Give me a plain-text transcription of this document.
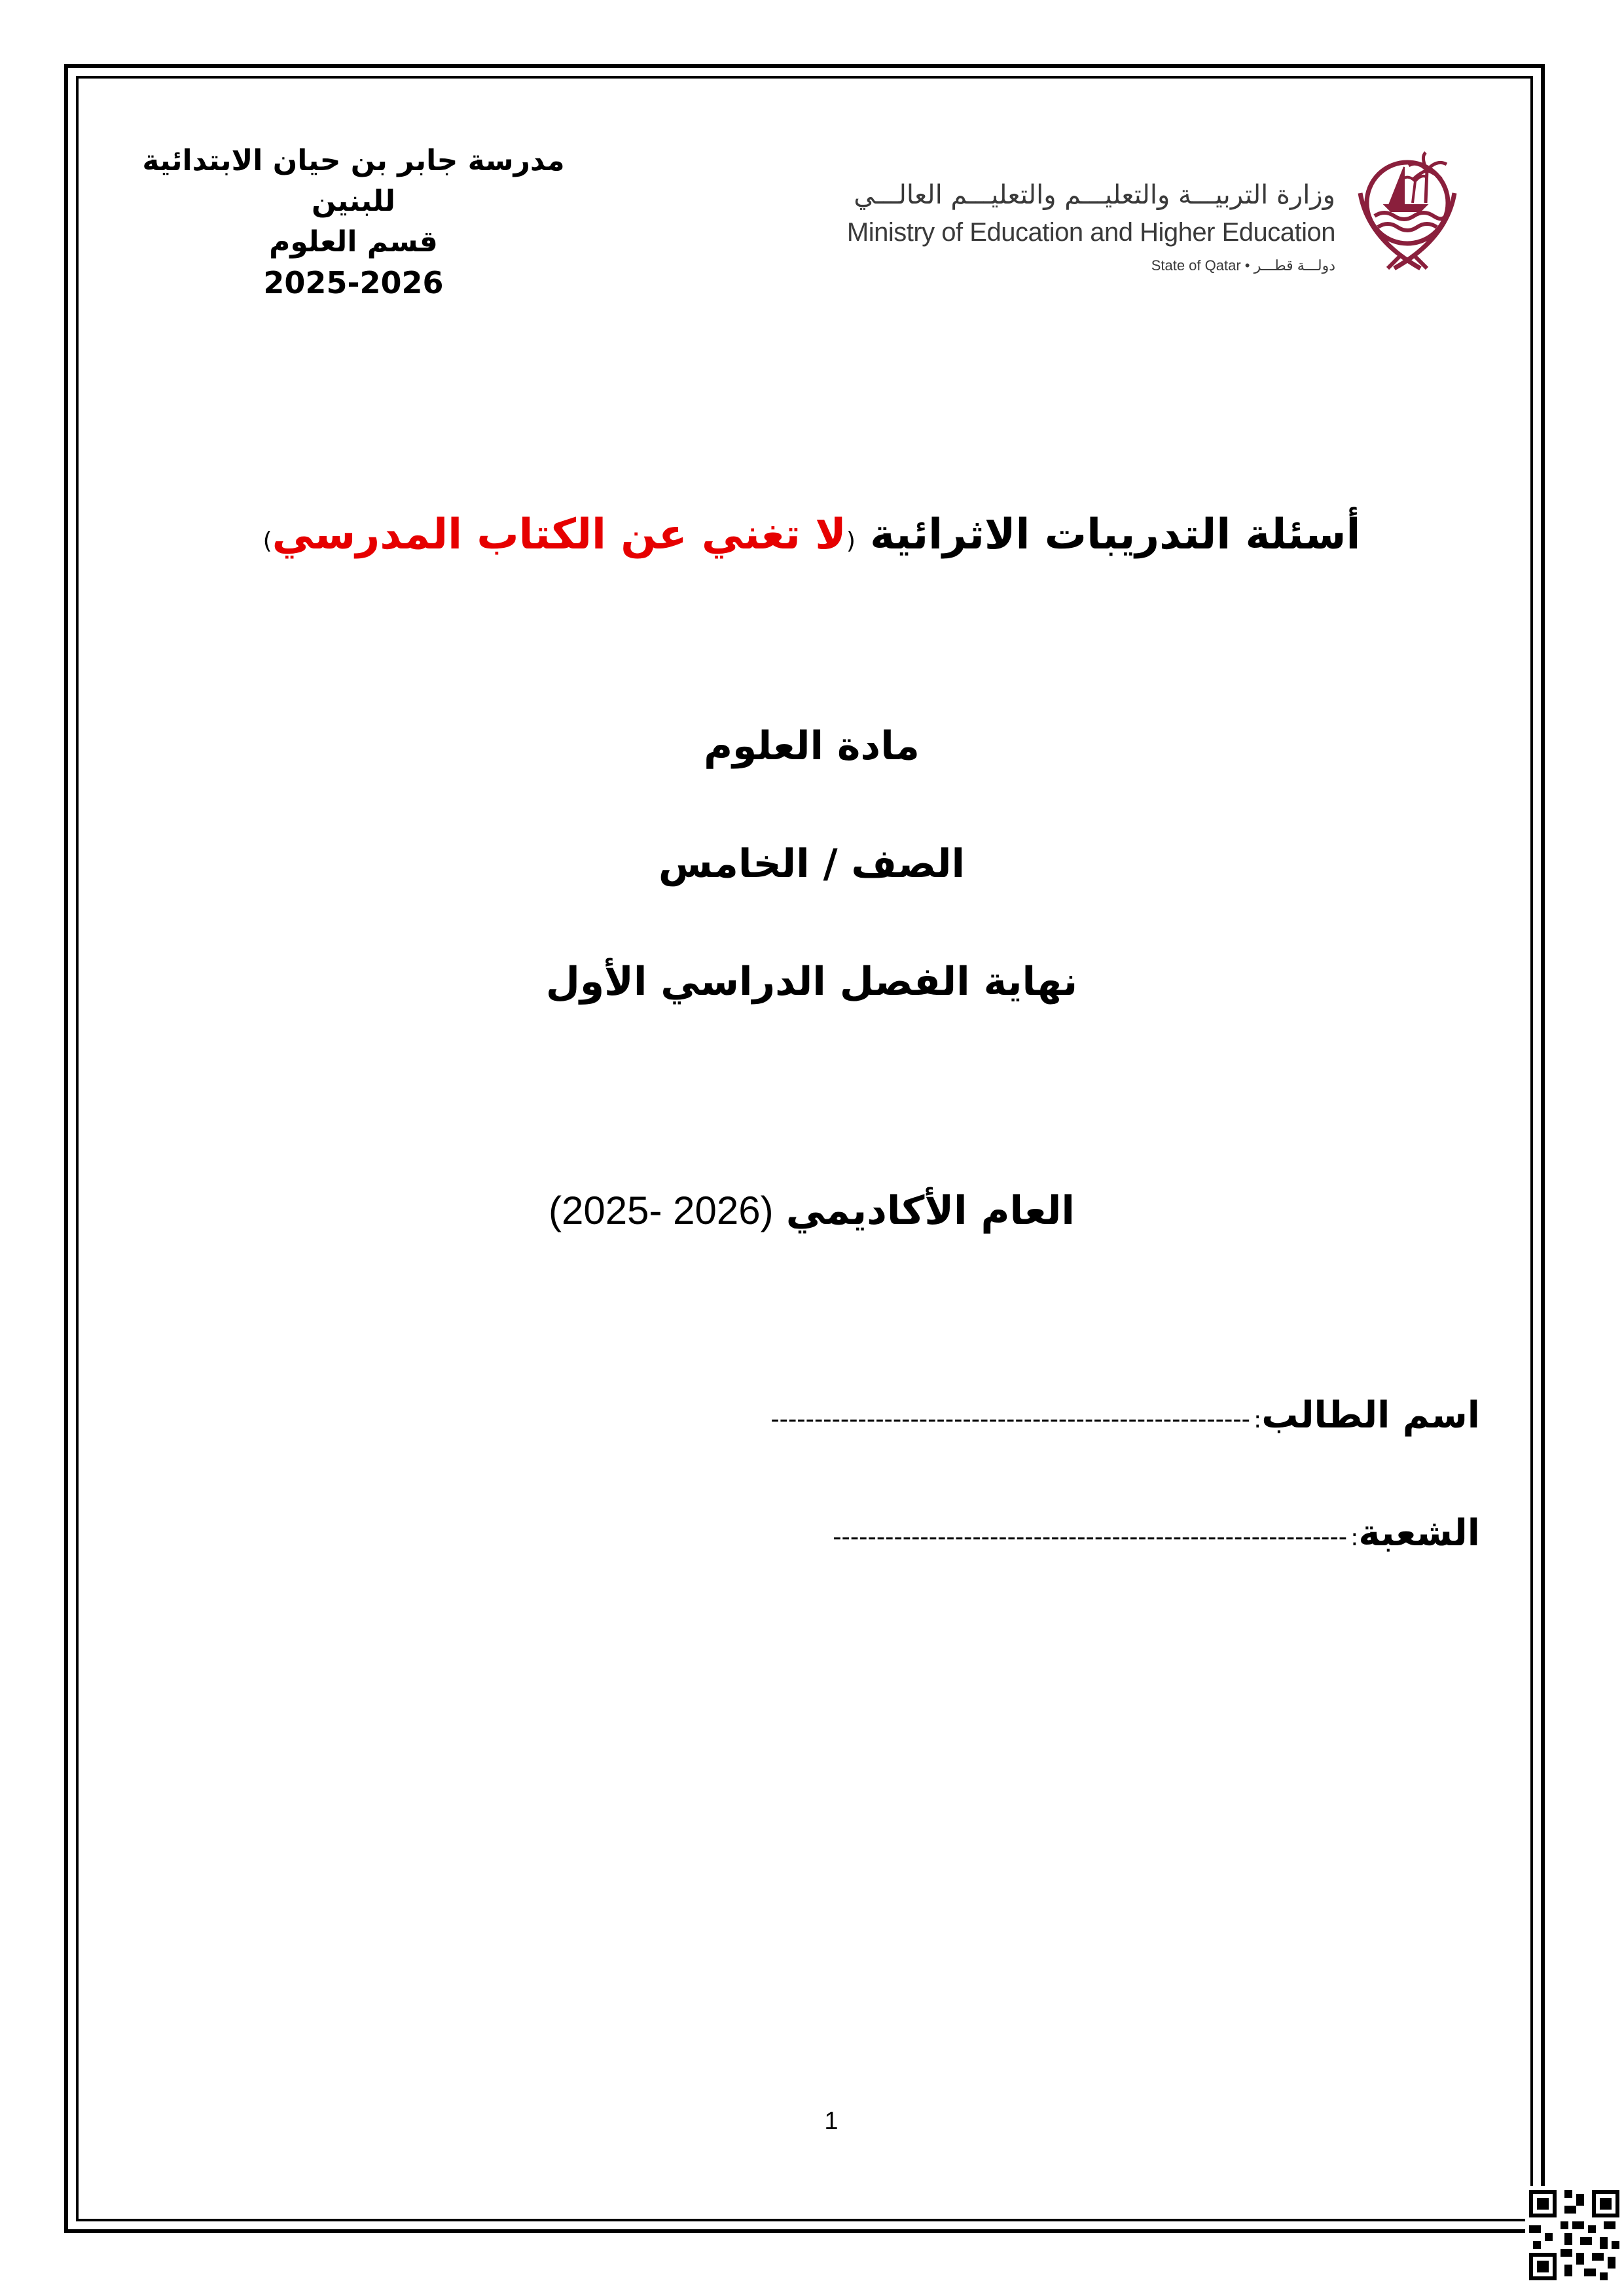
مدرسة جابر بن حيان الابتدائية للبنين
قسم العلوم
2025-2026
وزارة التربيـــة والتعليـــم والتعليـــم العالـــي
Ministry of Education and Higher Education
State of Qatar • دولـــة قطـــر
أسئلة التدريبات الاثرائية (لا تغني عن الكتاب المدرسي)
مادة العلوم
الصف / الخامس
نهاية الفصل الدراسي الأول
العام الأكاديمي (2025- 2026)
اسم الطالب: -------------------------------------------------------
الشعبة: -----------------------------------------------------------
1
